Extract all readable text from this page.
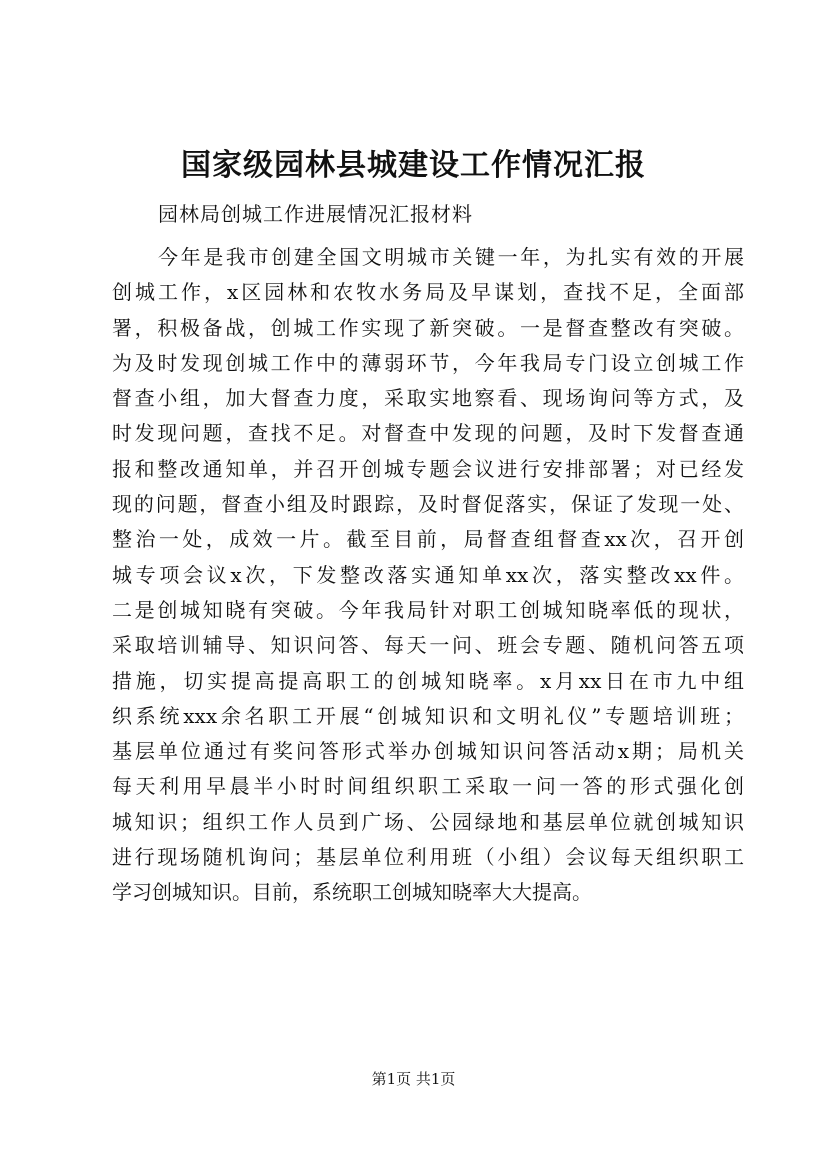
国家级园林县城建设工作情况汇报
园林局创城工作进展情况汇报材料
今年是我市创建全国文明城市关键一年，为扎实有效的开展
创城工作，x区园林和农牧水务局及早谋划，查找不足，全面部
署，积极备战，创城工作实现了新突破。一是督查整改有突破。
为及时发现创城工作中的薄弱环节，今年我局专门设立创城工作
督查小组，加大督查力度，采取实地察看、现场询问等方式，及
时发现问题，查找不足。对督查中发现的问题，及时下发督查通
报和整改通知单，并召开创城专题会议进行安排部署；对已经发
现的问题，督查小组及时跟踪，及时督促落实，保证了发现一处、
整治一处，成效一片。截至目前，局督查组督查xx次，召开创
城专项会议x次，下发整改落实通知单xx次，落实整改xx件。
二是创城知晓有突破。今年我局针对职工创城知晓率低的现状，
采取培训辅导、知识问答、每天一问、班会专题、随机问答五项
措施，切实提高提高职工的创城知晓率。x月xx日在市九中组
织系统xxx余名职工开展“创城知识和文明礼仪”专题培训班；
基层单位通过有奖问答形式举办创城知识问答活动x期；局机关
每天利用早晨半小时时间组织职工采取一问一答的形式强化创
城知识；组织工作人员到广场、公园绿地和基层单位就创城知识
进行现场随机询问；基层单位利用班（小组）会议每天组织职工
学习创城知识。目前，系统职工创城知晓率大大提高。
第1页 共1页
